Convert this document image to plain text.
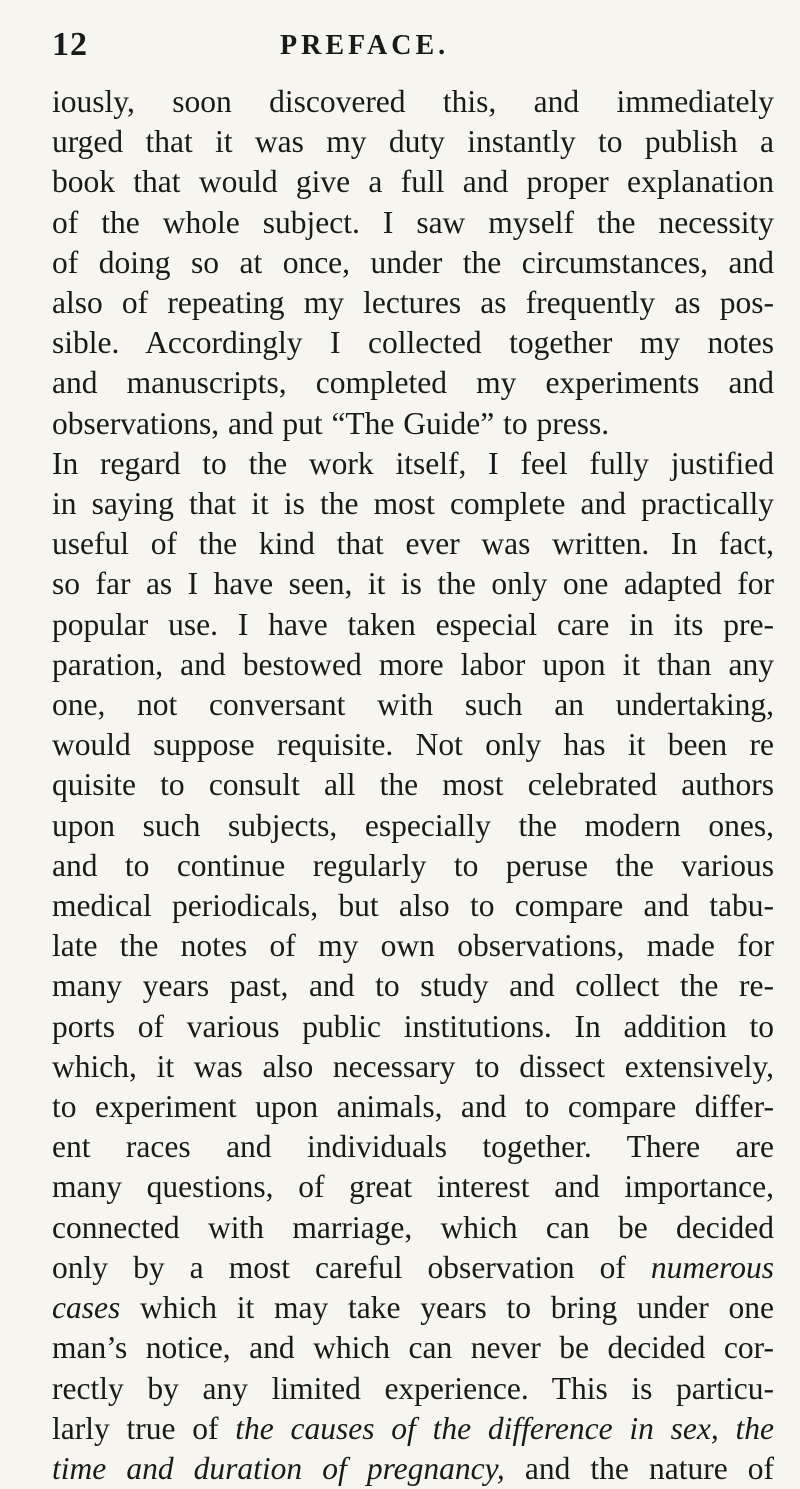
12	PREFACE.
iously, soon discovered this, and immediately
urged that it was my duty instantly to publish a
book that would give a full and proper explanation
of the whole subject. I saw myself the necessity
of doing so at once, under the circumstances, and
also of repeating my lectures as frequently as pos-
sible. Accordingly I collected together my notes
and manuscripts, completed my experiments and
observations, and put “The Guide” to press.
In regard to the work itself, I feel fully justified
in saying that it is the most complete and practically
useful of the kind that ever was written. In fact,
so far as I have seen, it is the only one adapted for
popular use. I have taken especial care in its pre-
paration, and bestowed more labor upon it than any
one, not conversant with such an undertaking,
would suppose requisite. Not only has it been re
quisite to consult all the most celebrated authors
upon such subjects, especially the modern ones,
and to continue regularly to peruse the various
medical periodicals, but also to compare and tabu-
late the notes of my own observations, made for
many years past, and to study and collect the re-
ports of various public institutions. In addition to
which, it was also necessary to dissect extensively,
to experiment upon animals, and to compare differ-
ent races and individuals together. There are
many questions, of great interest and importance,
connected with marriage, which can be decided
only by a most careful observation of numerous
cases which it may take years to bring under one
man’s notice, and which can never be decided cor-
rectly by any limited experience. This is particu-
larly true of the causes of the difference in sex, the
time and duration of pregnancy, and the nature of
